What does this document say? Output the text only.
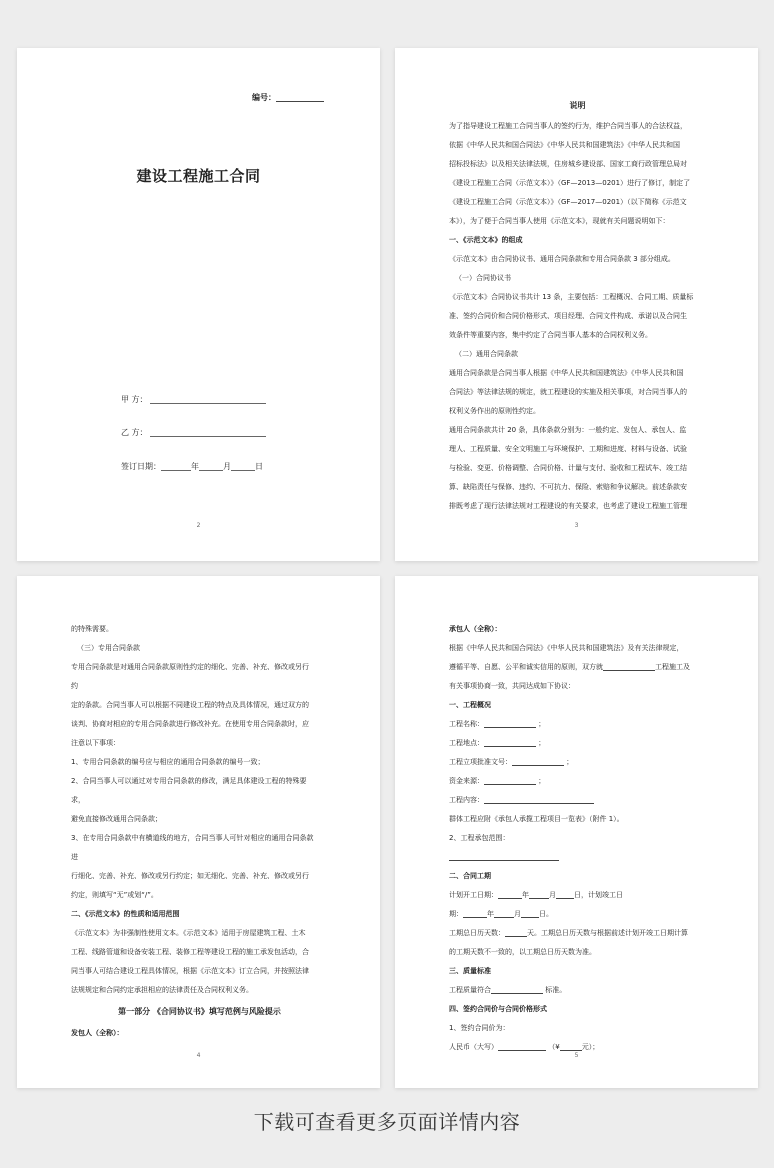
编号：
建设工程施工合同
甲 方：
乙 方：
签订日期：	年	月	日
2

说明

为了指导建设工程施工合同当事人的签约行为，维护合同当事人的合法权益，

依据《中华人民共和国合同法》《中华人民共和国建筑法》《中华人民共和国

招标投标法》以及相关法律法规，住房城乡建设部、国家工商行政管理总局对

《建设工程施工合同（示范文本）》（GF—2013—0201）进行了修订，制定了

《建设工程施工合同（示范文本）》（GF—2017—0201）（以下简称《示范文

本》），为了便于合同当事人使用《示范文本》，现就有关问题说明如下：

一、《示范文本》的组成

《示范文本》由合同协议书、通用合同条款和专用合同条款 3 部分组成。

（一）合同协议书

《示范文本》合同协议书共计 13 条，主要包括：工程概况、合同工期、质量标

准、签约合同价和合同价格形式、项目经理、合同文件构成、承诺以及合同生

效条件等重要内容，集中约定了合同当事人基本的合同权利义务。

（二）通用合同条款

通用合同条款是合同当事人根据《中华人民共和国建筑法》《中华人民共和国

合同法》等法律法规的规定，就工程建设的实施及相关事项，对合同当事人的

权利义务作出的原则性约定。

通用合同条款共计 20 条，具体条款分别为：一般约定、发包人、承包人、监

理人、工程质量、安全文明施工与环境保护、工期和进度、材料与设备、试验

与检验、变更、价格调整、合同价格、计量与支付、验收和工程试车、竣工结

算、缺陷责任与保修、违约、不可抗力、保险、索赔和争议解决。前述条款安

排既考虑了现行法律法规对工程建设的有关要求，也考虑了建设工程施工管理

3

的特殊需要。

（三）专用合同条款

专用合同条款是对通用合同条款原则性约定的细化、完善、补充、修改或另行

约

定的条款。合同当事人可以根据不同建设工程的特点及具体情况，通过双方的

谈判、协商对相应的专用合同条款进行修改补充。在使用专用合同条款时，应

注意以下事项：

1、专用合同条款的编号应与相应的通用合同条款的编号一致；

2、合同当事人可以通过对专用合同条款的修改，满足具体建设工程的特殊要

求，

避免直接修改通用合同条款；

3、在专用合同条款中有横道线的地方，合同当事人可针对相应的通用合同条款

进

行细化、完善、补充、修改或另行约定；如无细化、完善、补充、修改或另行

约定，则填写“无”或划“/”。

二、《示范文本》的性质和适用范围

《示范文本》为非强制性使用文本。《示范文本》适用于房屋建筑工程、土木

工程、线路管道和设备安装工程、装修工程等建设工程的施工承发包活动，合

同当事人可结合建设工程具体情况，根据《示范文本》订立合同，并按照法律

法规规定和合同约定承担相应的法律责任及合同权利义务。

第一部分 《合同协议书》填写范例与风险提示

发包人（全称）：

4

承包人（全称）：

根据《中华人民共和国合同法》《中华人民共和国建筑法》及有关法律规定，

遵循平等、自愿、公平和诚实信用的原则，双方就	工程施工及

有关事项协商一致，共同达成如下协议：

一、工程概况

工程名称：	；

工程地点：	；

工程立项批准文号：	；

资金来源：	；

工程内容：

群体工程应附《承包人承揽工程项目一览表》（附件 1）。

2、工程承包范围：

二、合同工期

计划开工日期：	年	月	日，计划竣工日

期：	年	月	日。

工期总日历天数：	天。工期总日历天数与根据前述计划开竣工日期计算

的工期天数不一致的，以工期总日历天数为准。

三、质量标准

工程质量符合	标准。

四、签约合同价与合同价格形式

1、签约合同价为：

人民币（大写）	（¥	元）；

5
下载可查看更多页面详情内容
